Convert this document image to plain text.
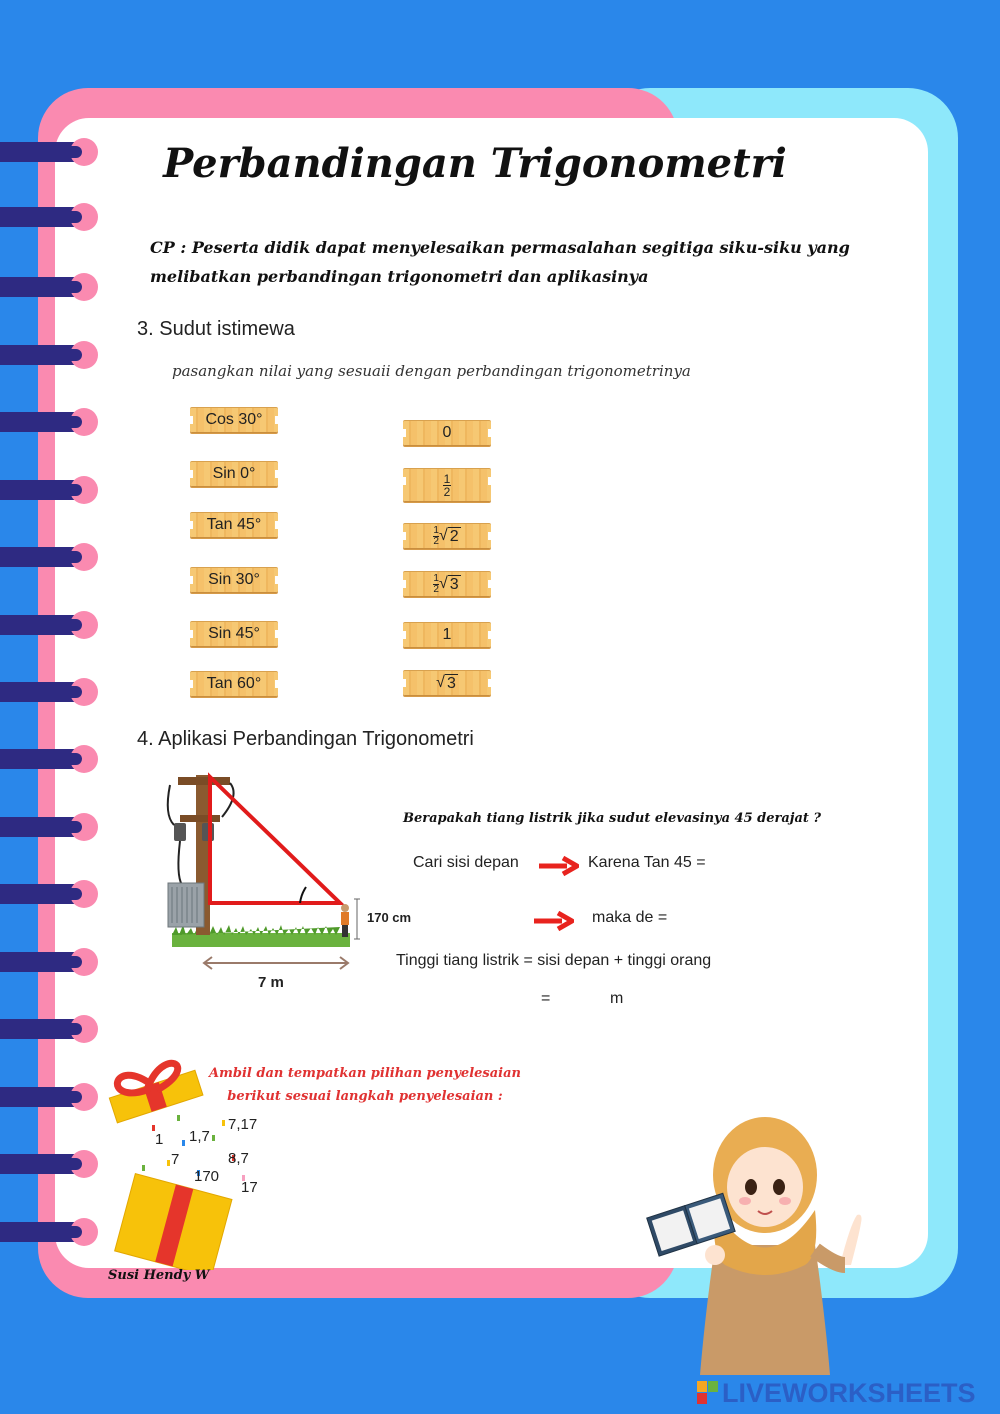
Perbandingan Trigonometri
CP : Peserta didik dapat menyelesaikan permasalahan segitiga siku-siku yang
melibatkan perbandingan trigonometri dan aplikasinya
3. Sudut istimewa
pasangkan nilai yang sesuaii dengan perbandingan trigonometrinya
Cos 30°
Sin 0°
Tan 45°
Sin 30°
Sin 45°
Tan 60°
0
$\frac{1}{2}$
$\frac{1}{2}$ √ 2
$\frac{1}{2}$ √ 3
1
√ 3
4. Aplikasi Perbandingan Trigonometri
170 cm
7 m
Berapakah tiang listrik jika sudut elevasinya 45 derajat ?
Cari sisi depan	Karena Tan 45 =
maka de =
Tinggi tiang listrik = sisi depan + tinggi orang
=	m
Ambil dan tempatkan pilihan penyelesaian
berikut sesuai langkah penyelesaian :
1 1,7
7,17
7	8,7
170
17
Susi Hendy W
LIVEWORKSHEETS
